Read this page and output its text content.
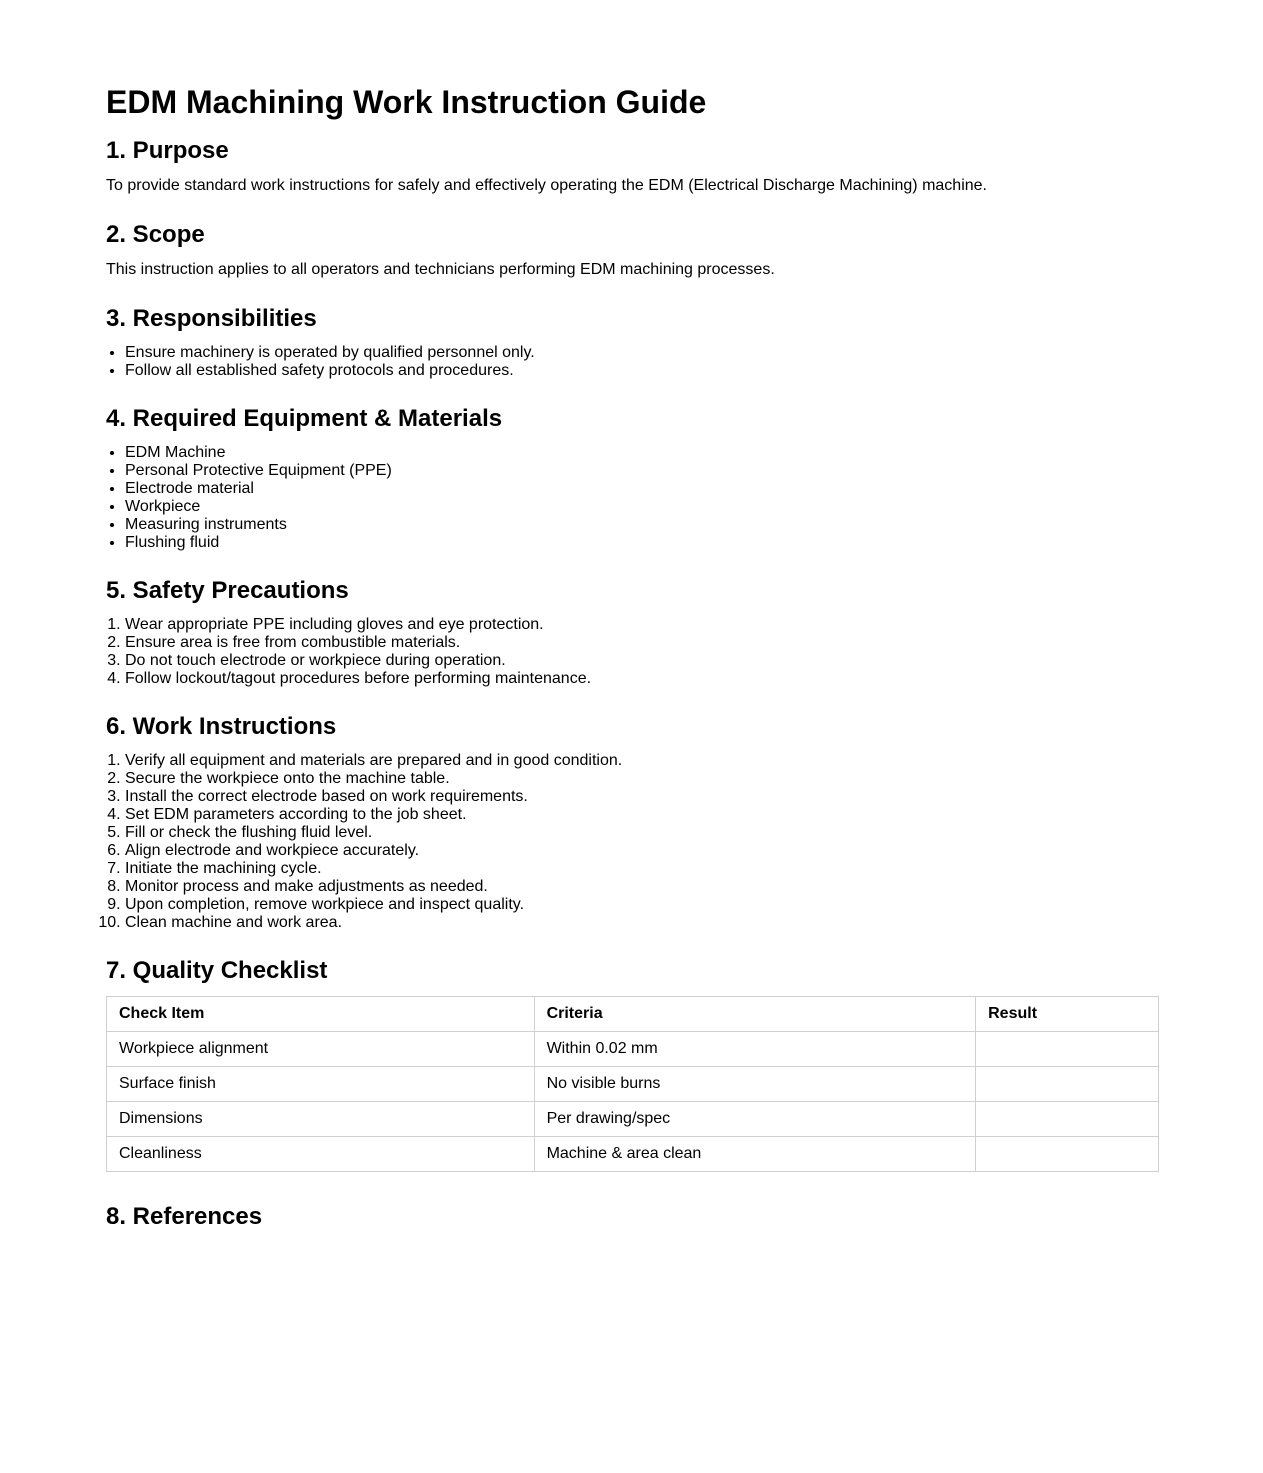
EDM Machining Work Instruction Guide
1. Purpose

To provide standard work instructions for safely and effectively operating the EDM (Electrical Discharge Machining) machine.

2. Scope

This instruction applies to all operators and technicians performing EDM machining processes.

3. Responsibilities
• Ensure machinery is operated by qualified personnel only.
• Follow all established safety protocols and procedures.
4. Required Equipment & Materials
• EDM Machine
• Personal Protective Equipment (PPE)
• Electrode material
• Workpiece
• Measuring instruments
• Flushing fluid
5. Safety Precautions
1. Wear appropriate PPE including gloves and eye protection.
2. Ensure area is free from combustible materials.
3. Do not touch electrode or workpiece during operation.
4. Follow lockout/tagout procedures before performing maintenance.
6. Work Instructions
1. Verify all equipment and materials are prepared and in good condition.
2. Secure the workpiece onto the machine table.
3. Install the correct electrode based on work requirements.
4. Set EDM parameters according to the job sheet.
5. Fill or check the flushing fluid level.
6. Align electrode and workpiece accurately.
7. Initiate the machining cycle.
8. Monitor process and make adjustments as needed.
9. Upon completion, remove workpiece and inspect quality.
10. Clean machine and work area.
7. Quality Checklist
Check Item	Criteria	Result
Workpiece alignment	Within 0.02 mm	
Surface finish	No visible burns	
Dimensions	Per drawing/spec	
Cleanliness	Machine & area clean	
8. References
